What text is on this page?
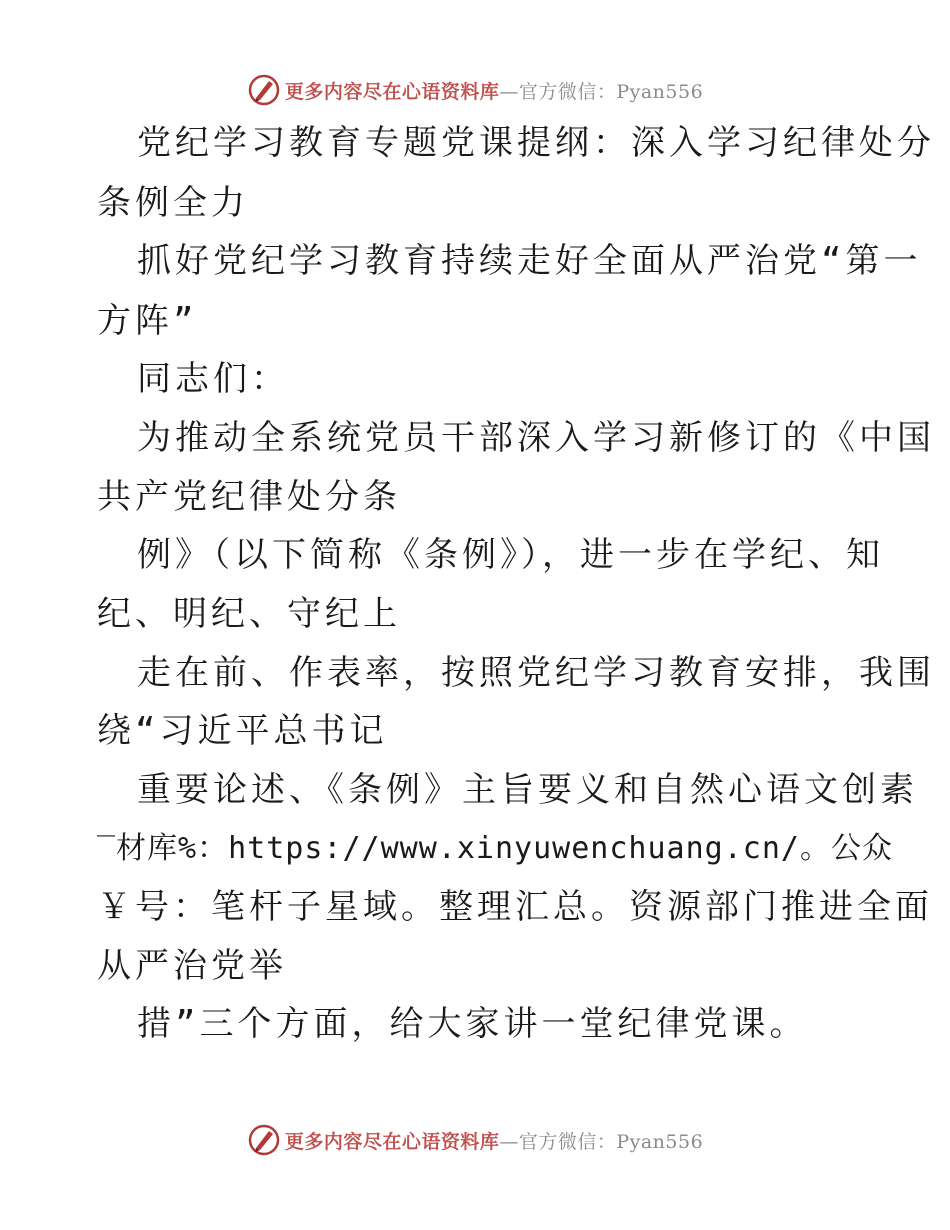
更多内容尽在心语资料库—官方微信：Pyan556
党纪学习教育专题党课提纲：深入学习纪律处分
条例全力
抓好党纪学习教育持续走好全面从严治党“第一
方阵”
同志们：
为推动全系统党员干部深入学习新修订的《中国
共产党纪律处分条
例》（以下简称《条例》），进一步在学纪、知
纪、明纪、守纪上
走在前、作表率，按照党纪学习教育安排，我围
绕“习近平总书记
重要论述、《条例》主旨要义和自然心语文创素
‾材库%：https://www.xinyuwenchuang.cn/。公众
￥号：笔杆子星域。整理汇总。资源部门推进全面
从严治党举
措”三个方面，给大家讲一堂纪律党课。
更多内容尽在心语资料库—官方微信：Pyan556
